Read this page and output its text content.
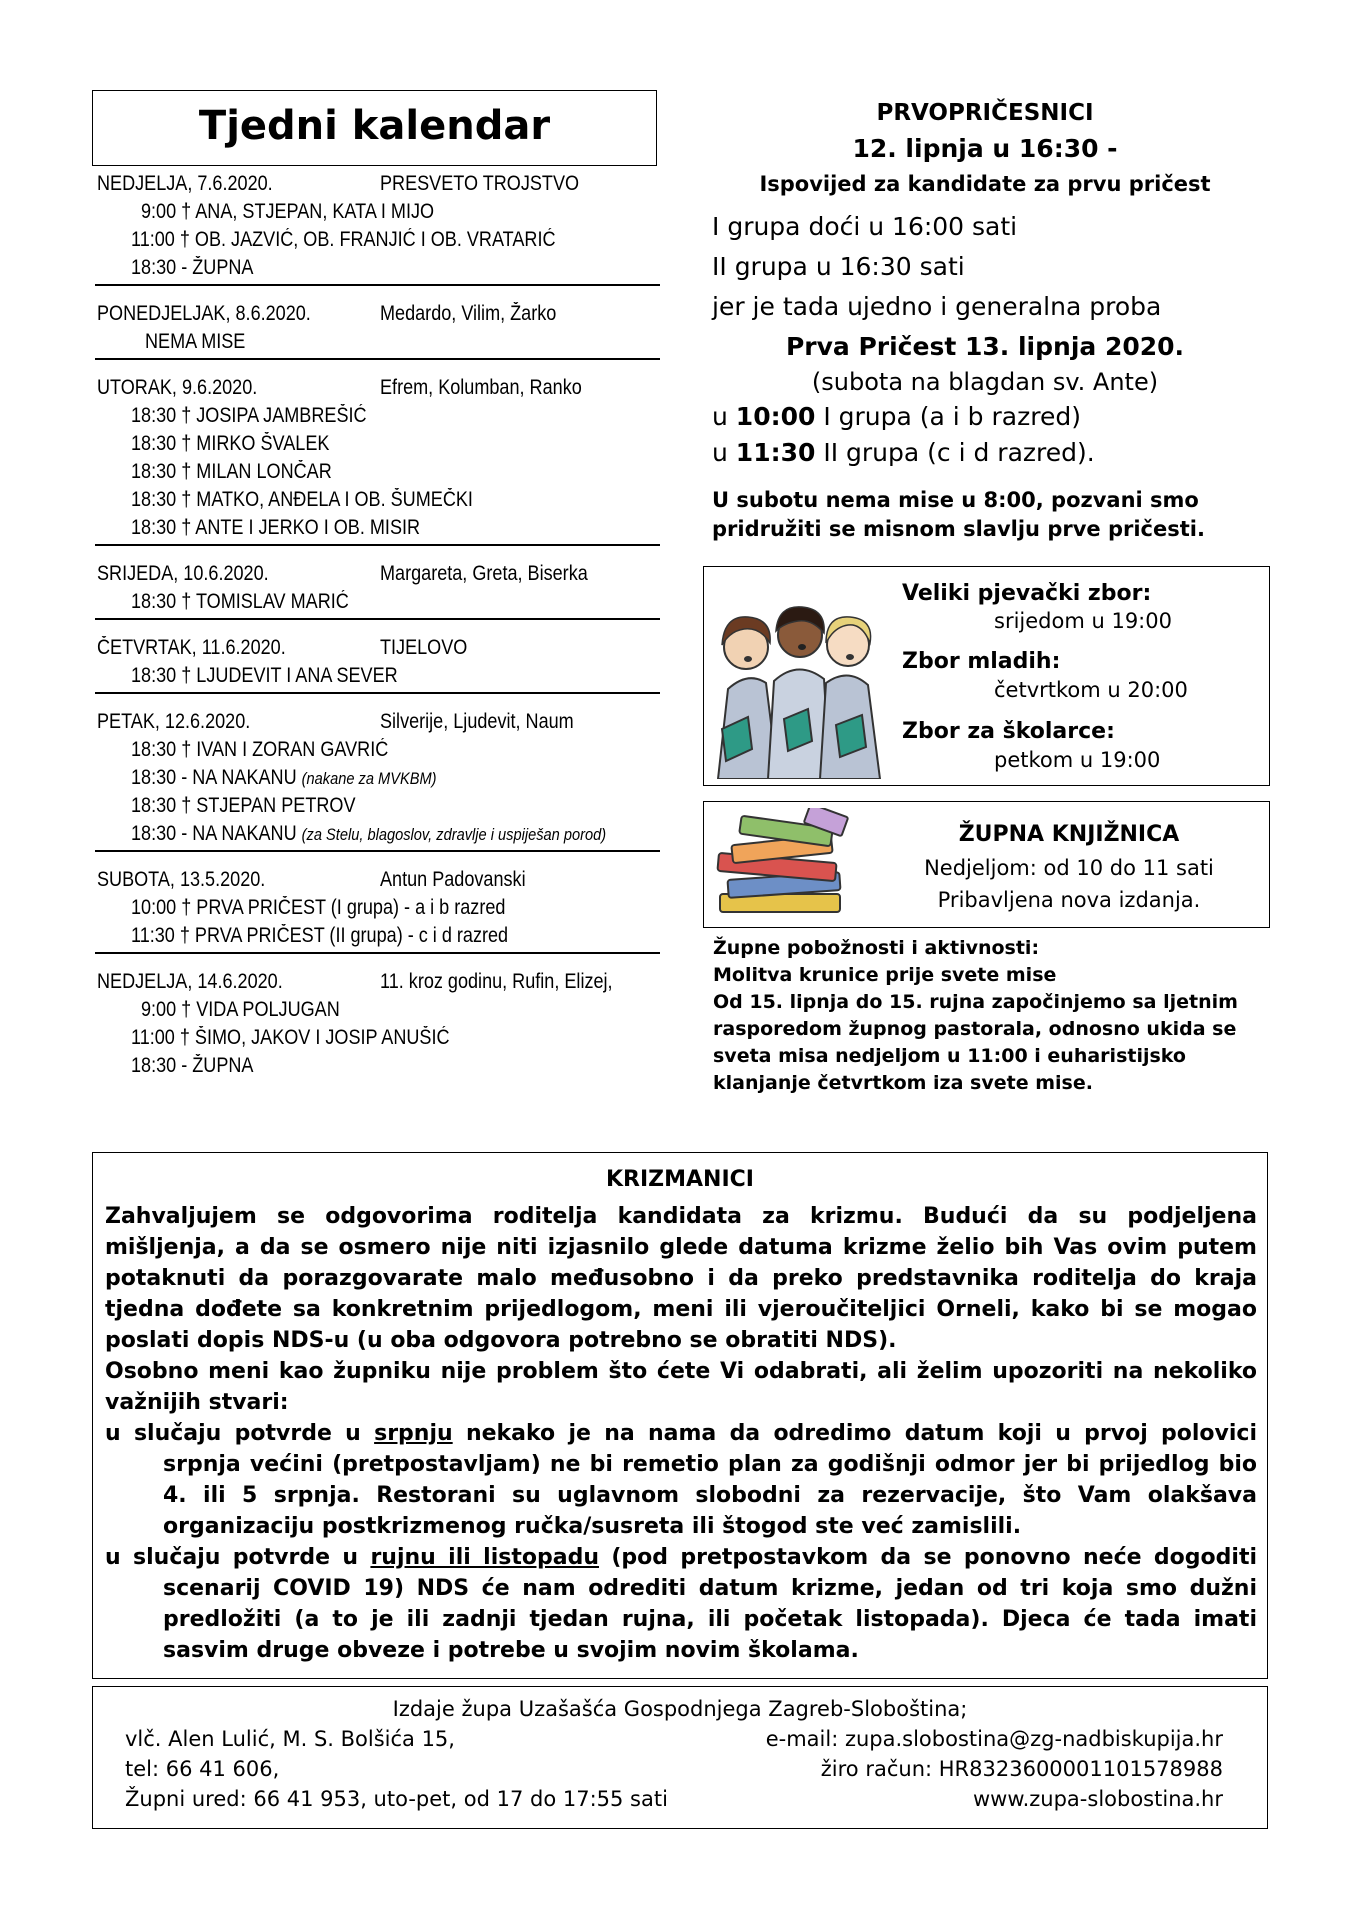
Tjedni kalendar
NEDJELJA, 7.6.2020.	PRESVETO TROJSTVO
9:00 † ANA, STJEPAN, KATA I MIJO
11:00 † OB. JAZVIĆ, OB. FRANJIĆ I OB. VRATARIĆ
18:30 - ŽUPNA
PONEDJELJAK, 8.6.2020.	Medardo, Vilim, Žarko
NEMA MISE
UTORAK, 9.6.2020.	Efrem, Kolumban, Ranko
18:30 † JOSIPA JAMBREŠIĆ
18:30 † MIRKO ŠVALEK
18:30 † MILAN LONČAR
18:30 † MATKO, ANĐELA I OB. ŠUMEČKI
18:30 † ANTE I JERKO I OB. MISIR
SRIJEDA, 10.6.2020.	Margareta, Greta, Biserka
18:30 † TOMISLAV MARIĆ
ČETVRTAK, 11.6.2020.	TIJELOVO
18:30 † LJUDEVIT I ANA SEVER
PETAK, 12.6.2020.	Silverije, Ljudevit, Naum
18:30 † IVAN I ZORAN GAVRIĆ
18:30 - NA NAKANU (nakane za MVKBM)
18:30 † STJEPAN PETROV
18:30 - NA NAKANU (za Stelu, blagoslov, zdravlje i uspiješan porod)
SUBOTA, 13.5.2020.	Antun Padovanski
10:00 † PRVA PRIČEST (I grupa) - a i b razred
11:30 † PRVA PRIČEST (II grupa) - c i d razred
NEDJELJA, 14.6.2020.	11. kroz godinu, Rufin, Elizej,
9:00 † VIDA POLJUGAN
11:00 † ŠIMO, JAKOV I JOSIP ANUŠIĆ
18:30 - ŽUPNA
PRVOPRIČESNICI
12. lipnja u 16:30 -
Ispovijed za kandidate za prvu pričest
I grupa doći u 16:00 sati
II grupa u 16:30 sati
jer je tada ujedno i generalna proba
Prva Pričest 13. lipnja 2020.
(subota na blagdan sv. Ante)
u 10:00 I grupa (a i b razred)
u 11:30 II grupa (c i d razred).
U subotu nema mise u 8:00, pozvani smo pridružiti se misnom slavlju prve pričesti.
Veliki pjevački zbor:
srijedom u 19:00
Zbor mladih:
četvrtkom u 20:00
Zbor za školarce:
petkom u 19:00
ŽUPNA KNJIŽNICA
Nedjeljom: od 10 do 11 sati
Pribavljena nova izdanja.
Župne pobožnosti i aktivnosti:
Molitva krunice prije svete mise
Od 15. lipnja do 15. rujna započinjemo sa ljetnim rasporedom župnog pastorala, odnosno ukida se sveta misa nedjeljom u 11:00 i euharistijsko klanjanje četvrtkom iza svete mise.
KRIZMANICI

Zahvaljujem se odgovorima roditelja kandidata za krizmu. Budući da su podjeljena mišljenja, a da se osmero nije niti izjasnilo glede datuma krizme želio bih Vas ovim putem potaknuti da porazgovarate malo međusobno i da preko predstavnika roditelja do kraja tjedna dođete sa konkretnim prijedlogom, meni ili vjeroučiteljici Orneli, kako bi se mogao poslati dopis NDS-u (u oba odgovora potrebno se obratiti NDS).

Osobno meni kao župniku nije problem što ćete Vi odabrati, ali želim upozoriti na nekoliko važnijih stvari:

u slučaju potvrde u srpnju nekako je na nama da odredimo datum koji u prvoj polovici srpnja većini (pretpostavljam) ne bi remetio plan za godišnji odmor jer bi prijedlog bio 4. ili 5 srpnja. Restorani su uglavnom slobodni za rezervacije, što Vam olakšava organizaciju postkrizmenog ručka/susreta ili štogod ste već zamislili.

u slučaju potvrde u rujnu ili listopadu (pod pretpostavkom da se ponovno neće dogoditi scenarij COVID 19) NDS će nam odrediti datum krizme, jedan od tri koja smo dužni predložiti (a to je ili zadnji tjedan rujna, ili početak listopada). Djeca će tada imati sasvim druge obveze i potrebe u svojim novim školama.

Izdaje župa Uzašašća Gospodnjega Zagreb-Sloboština;
vlč. Alen Lulić, M. S. Bolšića 15,	e-mail: zupa.slobostina@zg-nadbiskupija.hr
tel: 66 41 606,	žiro račun: HR8323600001101578988
Župni ured: 66 41 953, uto-pet, od 17 do 17:55 sati	www.zupa-slobostina.hr
